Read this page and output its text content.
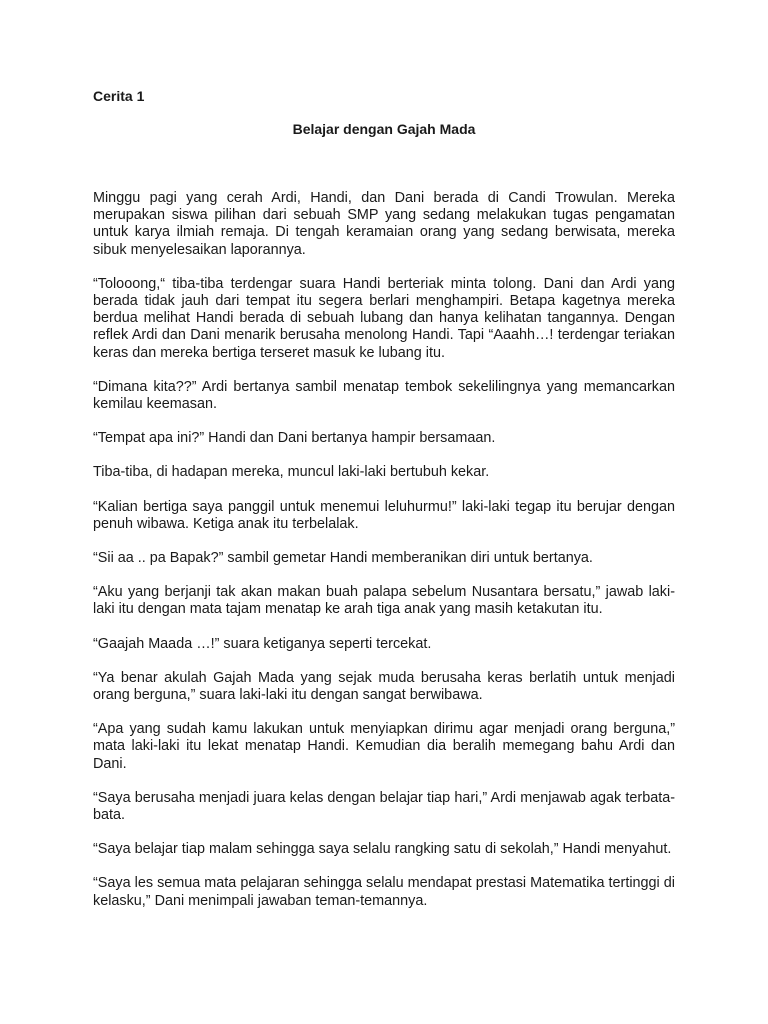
Cerita 1

Belajar dengan Gajah Mada

Minggu pagi yang cerah Ardi, Handi, dan Dani berada di Candi Trowulan. Mereka merupakan siswa pilihan dari sebuah SMP yang sedang melakukan tugas pengamatan untuk karya ilmiah remaja. Di tengah keramaian orang yang sedang berwisata, mereka sibuk menyelesaikan laporannya.

“Tolooong,“ tiba-tiba terdengar suara Handi berteriak minta tolong. Dani dan Ardi yang berada tidak jauh dari tempat itu segera berlari menghampiri. Betapa kagetnya mereka berdua melihat Handi berada di sebuah lubang dan hanya kelihatan tangannya. Dengan reflek Ardi dan Dani menarik berusaha menolong Handi. Tapi “Aaahh…! terdengar teriakan keras dan mereka bertiga terseret masuk ke lubang itu.

“Dimana kita??” Ardi bertanya sambil menatap tembok sekelilingnya yang memancarkan kemilau keemasan.

“Tempat apa ini?” Handi dan Dani bertanya hampir bersamaan.

Tiba-tiba, di hadapan mereka, muncul laki-laki bertubuh kekar.

“Kalian bertiga saya panggil untuk menemui leluhurmu!” laki-laki tegap itu berujar dengan penuh wibawa. Ketiga anak itu terbelalak.

“Sii aa .. pa Bapak?” sambil gemetar Handi memberanikan diri untuk bertanya.

“Aku yang berjanji tak akan makan buah palapa sebelum Nusantara bersatu,” jawab laki-laki itu dengan mata tajam menatap ke arah tiga anak yang masih ketakutan itu.

“Gaajah Maada …!” suara ketiganya seperti tercekat.

“Ya benar akulah Gajah Mada yang sejak muda berusaha keras berlatih untuk menjadi orang berguna,” suara laki-laki itu dengan sangat berwibawa.

“Apa yang sudah kamu lakukan untuk menyiapkan dirimu agar menjadi orang berguna,” mata laki-laki itu lekat menatap Handi. Kemudian dia beralih memegang bahu Ardi dan Dani.

“Saya berusaha menjadi juara kelas dengan belajar tiap hari,” Ardi menjawab agak terbata-bata.

“Saya belajar tiap malam sehingga saya selalu rangking satu di sekolah,” Handi menyahut.

“Saya les semua mata pelajaran sehingga selalu mendapat prestasi Matematika tertinggi di kelasku,” Dani menimpali jawaban teman-temannya.
